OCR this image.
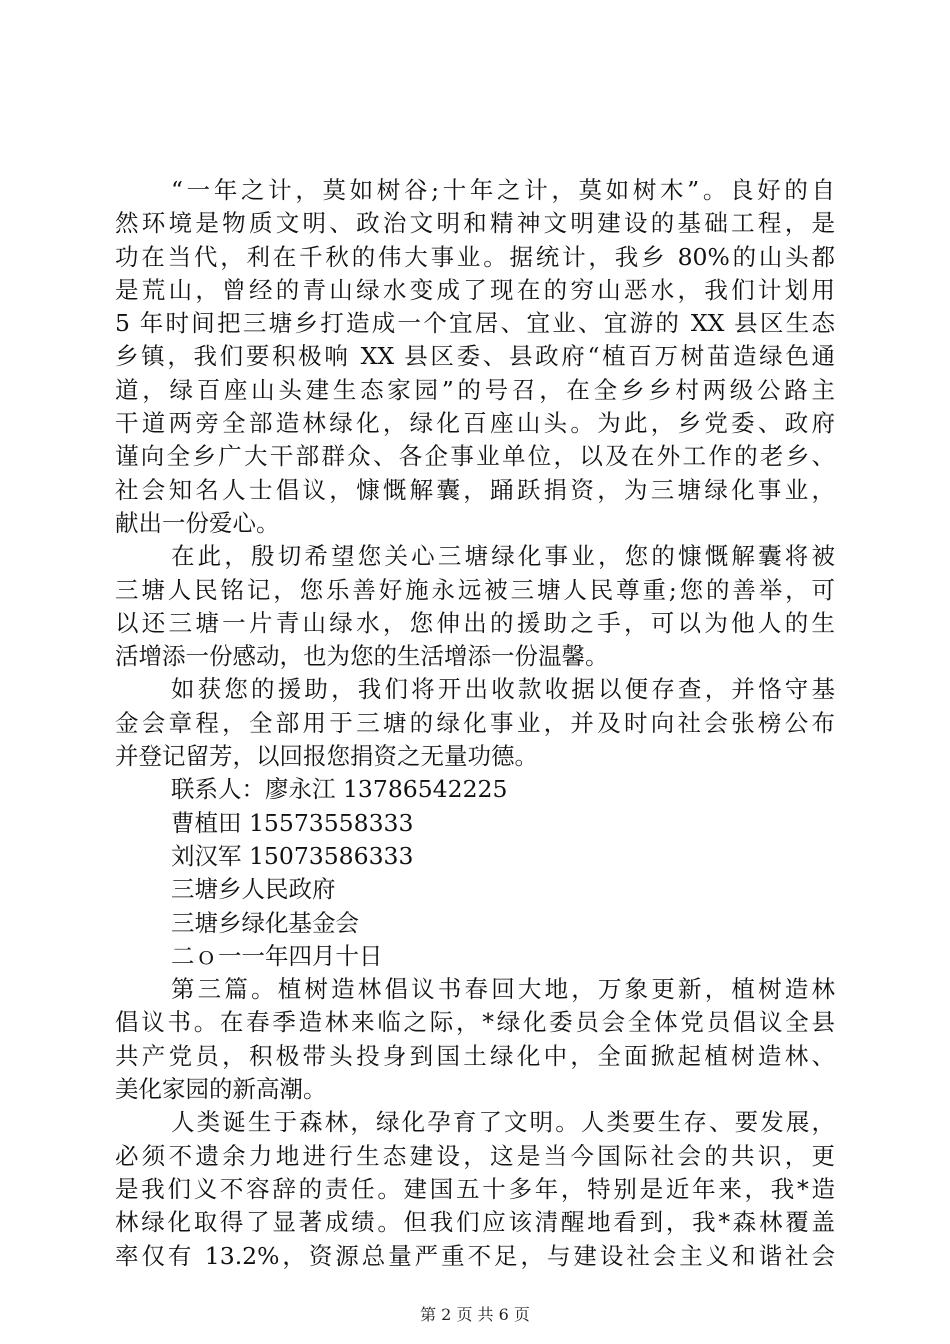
“一年之计，莫如树谷;十年之计，莫如树木”。良好的自
然环境是物质文明、政治文明和精神文明建设的基础工程，是
功在当代，利在千秋的伟大事业。据统计，我乡 80%的山头都
是荒山，曾经的青山绿水变成了现在的穷山恶水，我们计划用
5 年时间把三塘乡打造成一个宜居、宜业、宜游的 XX 县区生态
乡镇，我们要积极响 XX 县区委、县政府“植百万树苗造绿色通
道，绿百座山头建生态家园”的号召，在全乡乡村两级公路主
干道两旁全部造林绿化，绿化百座山头。为此，乡党委、政府
谨向全乡广大干部群众、各企事业单位，以及在外工作的老乡、
社会知名人士倡议，慷慨解囊，踊跃捐资，为三塘绿化事业，
献出一份爱心。
在此，殷切希望您关心三塘绿化事业，您的慷慨解囊将被
三塘人民铭记，您乐善好施永远被三塘人民尊重;您的善举，可
以还三塘一片青山绿水，您伸出的援助之手，可以为他人的生
活增添一份感动，也为您的生活增添一份温馨。
如获您的援助，我们将开出收款收据以便存查，并恪守基
金会章程，全部用于三塘的绿化事业，并及时向社会张榜公布
并登记留芳，以回报您捐资之无量功德。
联系人：廖永江 13786542225
曹植田 15573558333
刘汉军 15073586333
三塘乡人民政府
三塘乡绿化基金会
二ｏ一一年四月十日
第三篇。植树造林倡议书春回大地，万象更新，植树造林
倡议书。在春季造林来临之际，*绿化委员会全体党员倡议全县
共产党员，积极带头投身到国土绿化中，全面掀起植树造林、
美化家园的新高潮。
人类诞生于森林，绿化孕育了文明。人类要生存、要发展，
必须不遗余力地进行生态建设，这是当今国际社会的共识，更
是我们义不容辞的责任。建国五十多年，特别是近年来，我*造
林绿化取得了显著成绩。但我们应该清醒地看到，我*森林覆盖
率仅有 13.2%，资源总量严重不足，与建设社会主义和谐社会
第 2 页 共 6 页
